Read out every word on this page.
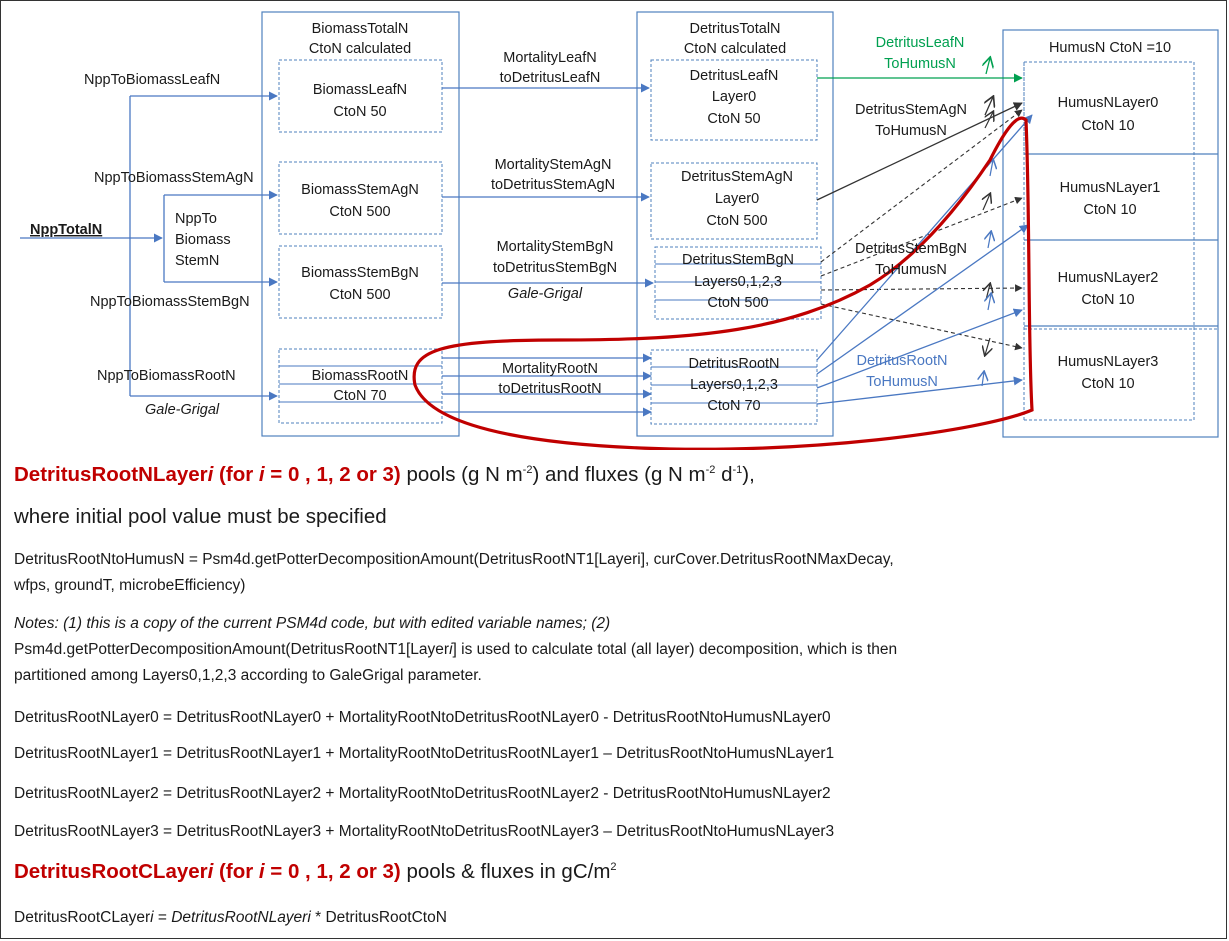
NppTotalN
NppTo
Biomass
StemN
NppToBiomassLeafN
NppToBiomassStemAgN
NppToBiomassStemBgN
NppToBiomassRootN
Gale-Grigal
BiomassTotalN
CtoN calculated
BiomassLeafN
CtoN 50
BiomassStemAgN
CtoN 500
BiomassStemBgN
CtoN 500
BiomassRootN
CtoN 70
MortalityLeafN
toDetritusLeafN
MortalityStemAgN
toDetritusStemAgN
MortalityStemBgN
toDetritusStemBgN
Gale-Grigal
MortalityRootN
toDetritusRootN
DetritusTotalN
CtoN calculated
DetritusLeafN
Layer0
CtoN 50
DetritusStemAgN
Layer0
CtoN 500
DetritusStemBgN
Layers0,1,2,3
CtoN 500
DetritusRootN
Layers0,1,2,3
CtoN 70
DetritusLeafN
ToHumusN
DetritusStemAgN
ToHumusN
DetritusStemBgN
ToHumusN
DetritusRootN
ToHumusN
HumusN CtoN =10
HumusNLayer0
CtoN 10
HumusNLayer1
CtoN 10
HumusNLayer2
CtoN 10
HumusNLayer3
CtoN 10
DetritusRootNLayeri (for i = 0 , 1, 2 or 3) pools (g N $m^{-2}$) and fluxes (g N $m^{-2}$ $d^{-1}$),
where initial pool value must be specified
DetritusRootNtoHumusN = Psm4d.getPotterDecompositionAmount(DetritusRootNT1[Layeri], curCover.DetritusRootNMaxDecay,
wfps, groundT, microbeEfficiency)
Notes: (1) this is a copy of the current PSM4d code, but with edited variable names; (2)
Psm4d.getPotterDecompositionAmount(DetritusRootNT1[Layeri] is used to calculate total (all layer) decomposition, which is then
partitioned among Layers0,1,2,3 according to GaleGrigal parameter.
DetritusRootNLayer0 = DetritusRootNLayer0 + MortalityRootNtoDetritusRootNLayer0 - DetritusRootNtoHumusNLayer0
DetritusRootNLayer1 = DetritusRootNLayer1 + MortalityRootNtoDetritusRootNLayer1 – DetritusRootNtoHumusNLayer1
DetritusRootNLayer2 = DetritusRootNLayer2 + MortalityRootNtoDetritusRootNLayer2 - DetritusRootNtoHumusNLayer2
DetritusRootNLayer3 = DetritusRootNLayer3 + MortalityRootNtoDetritusRootNLayer3 – DetritusRootNtoHumusNLayer3
DetritusRootCLayeri (for i = 0 , 1, 2 or 3) pools & fluxes in $gC/m^2$
DetritusRootCLayeri = DetritusRootNLayeri * DetritusRootCtoN
